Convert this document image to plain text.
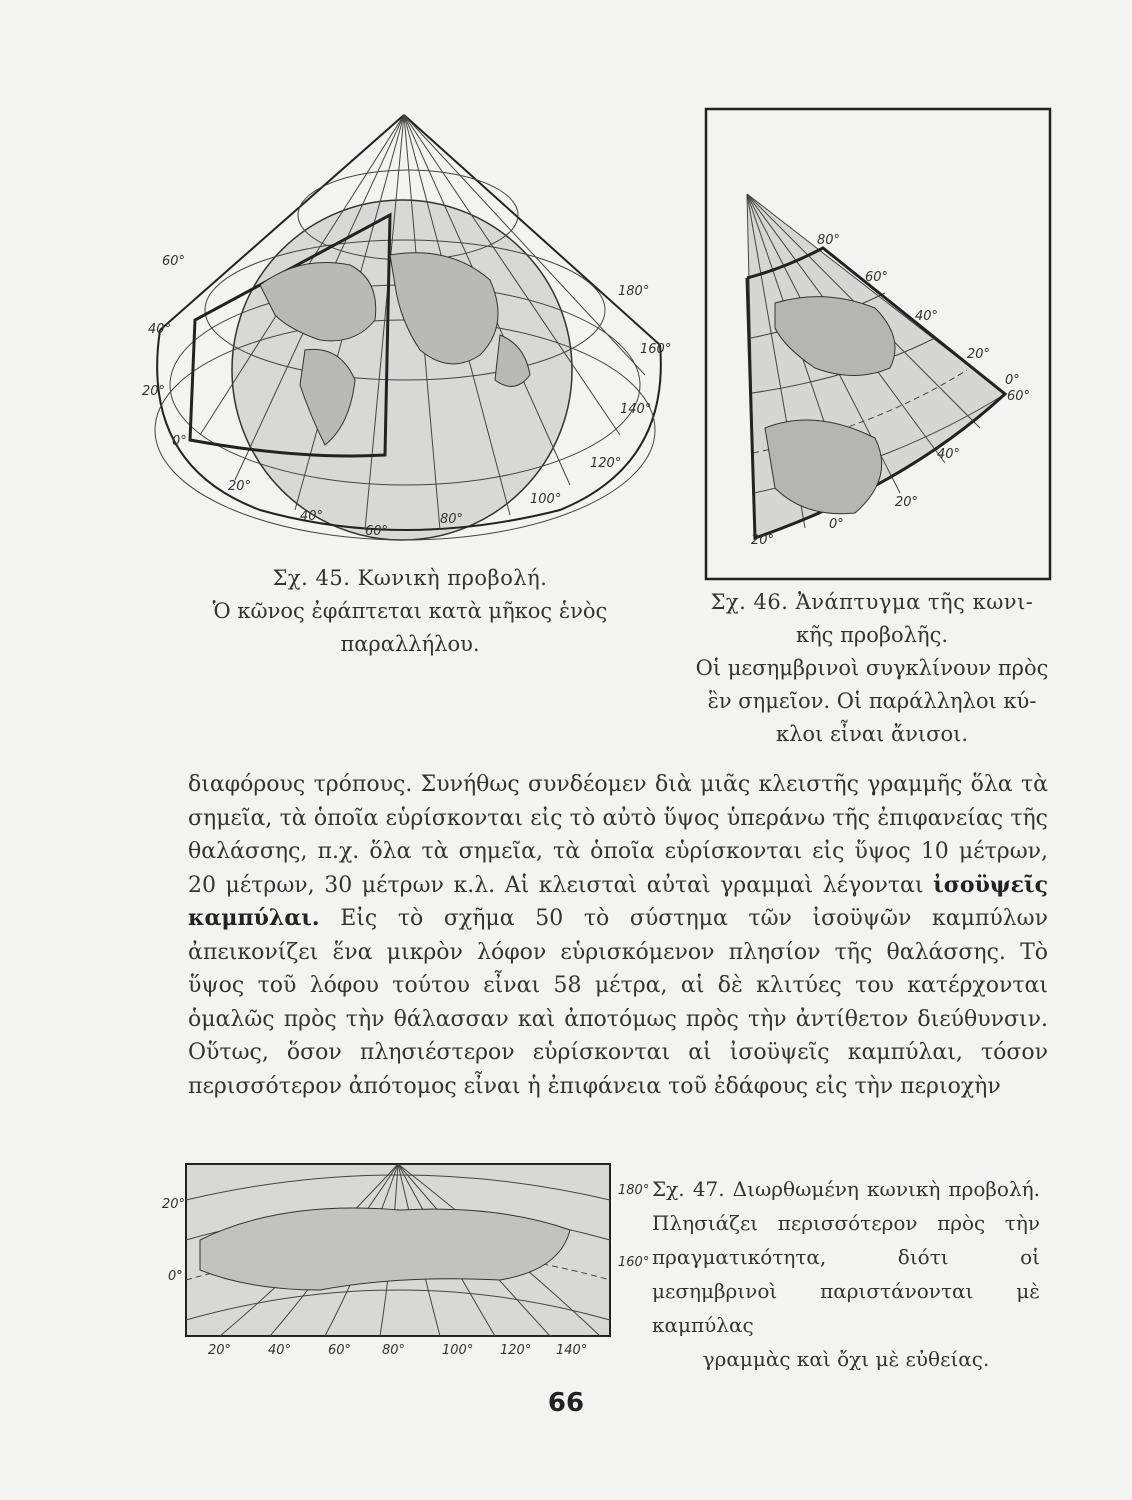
60°
40°
20°
0°
20°
40°
60°
80°
100°
120°
140°
160°
180°
Σχ. 45. Κωνικὴ προβολή.
Ὁ κῶνος ἐφάπτεται κατὰ μῆκος ἑνὸς
παραλλήλου.
80°
60°
40°
20°
0°
60°
40°
20°
0°
20°
Σχ. 46. Ἀνάπτυγμα τῆς κωνι-
κῆς προβολῆς.
Οἱ μεσημβρινοὶ συγκλίνουν πρὸς
ἓν σημεῖον. Οἱ παράλληλοι κύ-
κλοι εἶναι ἄνισοι.
διαφόρους τρόπους. Συνήθως συνδέομεν διὰ μιᾶς κλειστῆς γραμμῆς ὅλα τὰ σημεῖα, τὰ ὁποῖα εὑρίσκονται εἰς τὸ αὐτὸ ὕψος ὑπεράνω τῆς ἐπιφανείας τῆς θαλάσσης, π.χ. ὅλα τὰ σημεῖα, τὰ ὁποῖα εὑρίσκονται εἰς ὕψος 10 μέτρων, 20 μέτρων, 30 μέτρων κ.λ. Αἱ κλεισταὶ αὐταὶ γραμμαὶ λέγονται ἰσοϋψεῖς καμπύλαι. Εἰς τὸ σχῆμα 50 τὸ σύστημα τῶν ἰσοϋψῶν καμπύλων ἀπεικονίζει ἕνα μικρὸν λόφον εὑρισκόμενον πλησίον τῆς θαλάσσης. Τὸ ὕψος τοῦ λόφου τούτου εἶναι 58 μέτρα, αἱ δὲ κλιτύες του κατέρχονται ὁμαλῶς πρὸς τὴν θάλασσαν καὶ ἀποτόμως πρὸς τὴν ἀντίθετον διεύθυνσιν. Οὕτως, ὅσον πλησιέστερον εὑρίσκονται αἱ ἰσοϋψεῖς καμπύλαι, τόσον περισσότερον ἀπότομος εἶναι ἡ ἐπιφάνεια τοῦ ἐδάφους εἰς τὴν περιοχὴν
20°
0°
180°
160°
20°	40°	60° 80°	100° 120° 140°
Σχ. 47. Διωρθωμένη κωνικὴ προβολή. Πλησιάζει περισσότερον πρὸς τὴν πραγματικότητα, διότι οἱ μεσημβρινοὶ παριστάνονται μὲ καμπύλας
γραμμὰς καὶ ὄχι μὲ εὐθείας.
66
